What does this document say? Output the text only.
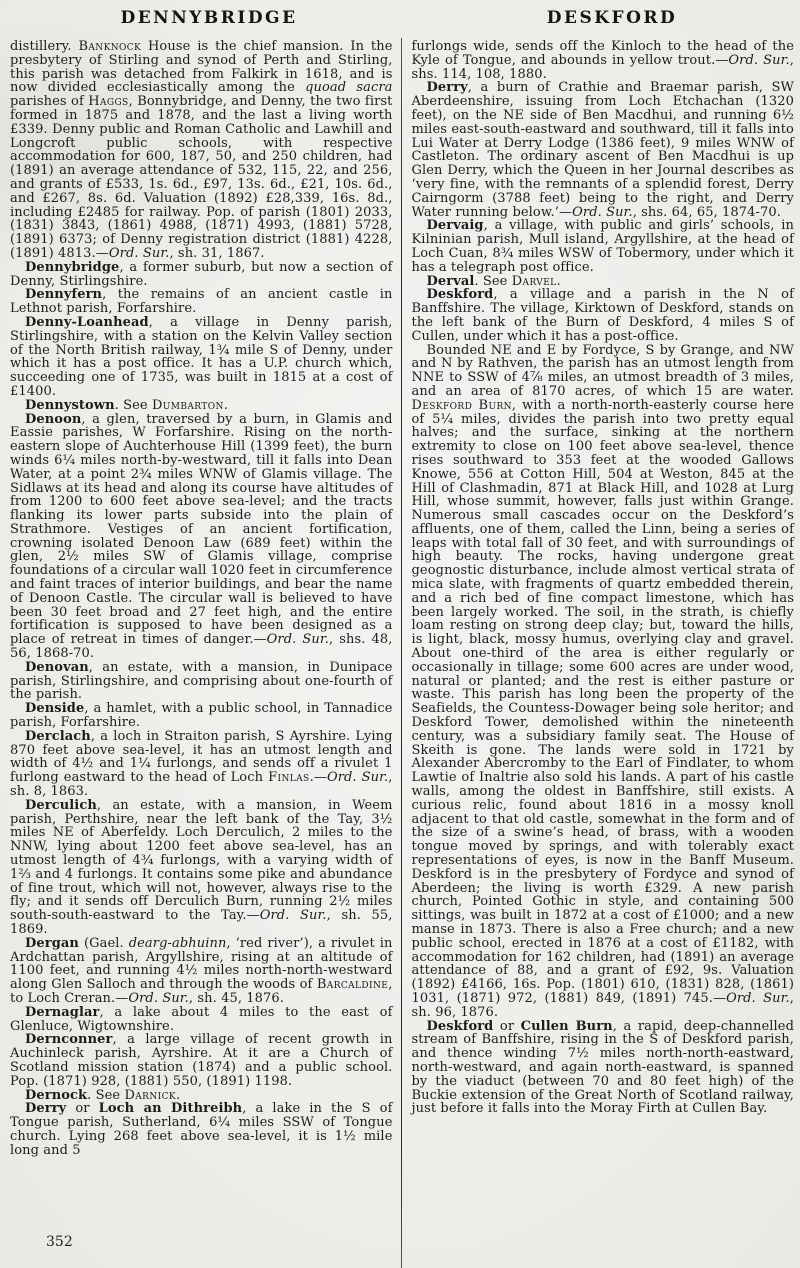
DENNYBRIDGE	DESKFORD

distillery. Banknock House is the chief mansion. In the presbytery of Stirling and synod of Perth and Stirling, this parish was detached from Falkirk in 1618, and is now divided ecclesiastically among the quoad sacra parishes of Haggs, Bonnybridge, and Denny, the two first formed in 1875 and 1878, and the last a living worth £339. Denny public and Roman Catholic and Lawhill and Longcroft public schools, with respective accommodation for 600, 187, 50, and 250 children, had (1891) an average attendance of 532, 115, 22, and 256, and grants of £533, 1s. 6d., £97, 13s. 6d., £21, 10s. 6d., and £267, 8s. 6d. Valuation (1892) £28,339, 16s. 8d., including £2485 for railway. Pop. of parish (1801) 2033, (1831) 3843, (1861) 4988, (1871) 4993, (1881) 5728, (1891) 6373; of Denny registration district (1881) 4228, (1891) 4813.—Ord. Sur., sh. 31, 1867.

Dennybridge, a former suburb, but now a section of Denny, Stirlingshire.

Dennyfern, the remains of an ancient castle in Lethnot parish, Forfarshire.

Denny-Loanhead, a village in Denny parish, Stirlingshire, with a station on the Kelvin Valley section of the North British railway, 1¾ mile S of Denny, under which it has a post office. It has a U.P. church which, succeeding one of 1735, was built in 1815 at a cost of £1400.

Dennystown. See Dumbarton.

Denoon, a glen, traversed by a burn, in Glamis and Eassie parishes, W Forfarshire. Rising on the north-eastern slope of Auchterhouse Hill (1399 feet), the burn winds 6¼ miles north-by-westward, till it falls into Dean Water, at a point 2¾ miles WNW of Glamis village. The Sidlaws at its head and along its course have altitudes of from 1200 to 600 feet above sea-level; and the tracts flanking its lower parts subside into the plain of Strathmore. Vestiges of an ancient fortification, crowning isolated Denoon Law (689 feet) within the glen, 2½ miles SW of Glamis village, comprise foundations of a circular wall 1020 feet in circumference and faint traces of interior buildings, and bear the name of Denoon Castle. The circular wall is believed to have been 30 feet broad and 27 feet high, and the entire fortification is supposed to have been designed as a place of retreat in times of danger.—Ord. Sur., shs. 48, 56, 1868-70.

Denovan, an estate, with a mansion, in Dunipace parish, Stirlingshire, and comprising about one-fourth of the parish.

Denside, a hamlet, with a public school, in Tannadice parish, Forfarshire.

Derclach, a loch in Straiton parish, S Ayrshire. Lying 870 feet above sea-level, it has an utmost length and width of 4½ and 1¼ furlongs, and sends off a rivulet 1 furlong eastward to the head of Loch Finlas.—Ord. Sur., sh. 8, 1863.

Derculich, an estate, with a mansion, in Weem parish, Perthshire, near the left bank of the Tay, 3½ miles NE of Aberfeldy. Loch Derculich, 2 miles to the NNW, lying about 1200 feet above sea-level, has an utmost length of 4¾ furlongs, with a varying width of 1⅔ and 4 furlongs. It contains some pike and abundance of fine trout, which will not, however, always rise to the fly; and it sends off Derculich Burn, running 2½ miles south-south-eastward to the Tay.—Ord. Sur., sh. 55, 1869.

Dergan (Gael. dearg-abhuinn, ‘red river’), a rivulet in Ardchattan parish, Argyllshire, rising at an altitude of 1100 feet, and running 4½ miles north-north-westward along Glen Salloch and through the woods of Barcaldine, to Loch Creran.—Ord. Sur., sh. 45, 1876.

Dernaglar, a lake about 4 miles to the east of Glenluce, Wigtownshire.

Dernconner, a large village of recent growth in Auchinleck parish, Ayrshire. At it are a Church of Scotland mission station (1874) and a public school. Pop. (1871) 928, (1881) 550, (1891) 1198.

Dernock. See Darnick.

Derry or Loch an Dithreibh, a lake in the S of Tongue parish, Sutherland, 6¼ miles SSW of Tongue church. Lying 268 feet above sea-level, it is 1½ mile long and 5

furlongs wide, sends off the Kinloch to the head of the Kyle of Tongue, and abounds in yellow trout.—Ord. Sur., shs. 114, 108, 1880.

Derry, a burn of Crathie and Braemar parish, SW Aberdeenshire, issuing from Loch Etchachan (1320 feet), on the NE side of Ben Macdhui, and running 6½ miles east-south-eastward and southward, till it falls into Lui Water at Derry Lodge (1386 feet), 9 miles WNW of Castleton. The ordinary ascent of Ben Macdhui is up Glen Derry, which the Queen in her Journal describes as ‘very fine, with the remnants of a splendid forest, Derry Cairngorm (3788 feet) being to the right, and Derry Water running below.’—Ord. Sur., shs. 64, 65, 1874-70.

Dervaig, a village, with public and girls’ schools, in Kilninian parish, Mull island, Argyllshire, at the head of Loch Cuan, 8¾ miles WSW of Tobermory, under which it has a telegraph post office.

Derval. See Darvel.

Deskford, a village and a parish in the N of Banffshire. The village, Kirktown of Deskford, stands on the left bank of the Burn of Deskford, 4 miles S of Cullen, under which it has a post-office.

Bounded NE and E by Fordyce, S by Grange, and NW and N by Rathven, the parish has an utmost length from NNE to SSW of 4⅞ miles, an utmost breadth of 3 miles, and an area of 8170 acres, of which 15 are water. Deskford Burn, with a north-north-easterly course here of 5¼ miles, divides the parish into two pretty equal halves; and the surface, sinking at the northern extremity to close on 100 feet above sea-level, thence rises southward to 353 feet at the wooded Gallows Knowe, 556 at Cotton Hill, 504 at Weston, 845 at the Hill of Clashmadin, 871 at Black Hill, and 1028 at Lurg Hill, whose summit, however, falls just within Grange. Numerous small cascades occur on the Deskford’s affluents, one of them, called the Linn, being a series of leaps with total fall of 30 feet, and with surroundings of high beauty. The rocks, having undergone great geognostic disturbance, include almost vertical strata of mica slate, with fragments of quartz embedded therein, and a rich bed of fine compact limestone, which has been largely worked. The soil, in the strath, is chiefly loam resting on strong deep clay; but, toward the hills, is light, black, mossy humus, overlying clay and gravel. About one-third of the area is either regularly or occasionally in tillage; some 600 acres are under wood, natural or planted; and the rest is either pasture or waste. This parish has long been the property of the Seafields, the Countess-Dowager being sole heritor; and Deskford Tower, demolished within the nineteenth century, was a subsidiary family seat. The House of Skeith is gone. The lands were sold in 1721 by Alexander Abercromby to the Earl of Findlater, to whom Lawtie of Inaltrie also sold his lands. A part of his castle walls, among the oldest in Banffshire, still exists. A curious relic, found about 1816 in a mossy knoll adjacent to that old castle, somewhat in the form and of the size of a swine’s head, of brass, with a wooden tongue moved by springs, and with tolerably exact representations of eyes, is now in the Banff Museum. Deskford is in the presbytery of Fordyce and synod of Aberdeen; the living is worth £329. A new parish church, Pointed Gothic in style, and containing 500 sittings, was built in 1872 at a cost of £1000; and a new manse in 1873. There is also a Free church; and a new public school, erected in 1876 at a cost of £1182, with accommodation for 162 children, had (1891) an average attendance of 88, and a grant of £92, 9s. Valuation (1892) £4166, 16s. Pop. (1801) 610, (1831) 828, (1861) 1031, (1871) 972, (1881) 849, (1891) 745.—Ord. Sur., sh. 96, 1876.

Deskford or Cullen Burn, a rapid, deep-channelled stream of Banffshire, rising in the S of Deskford parish, and thence winding 7½ miles north-north-eastward, north-westward, and again north-eastward, is spanned by the viaduct (between 70 and 80 feet high) of the Buckie extension of the Great North of Scotland railway, just before it falls into the Moray Firth at Cullen Bay.

352
